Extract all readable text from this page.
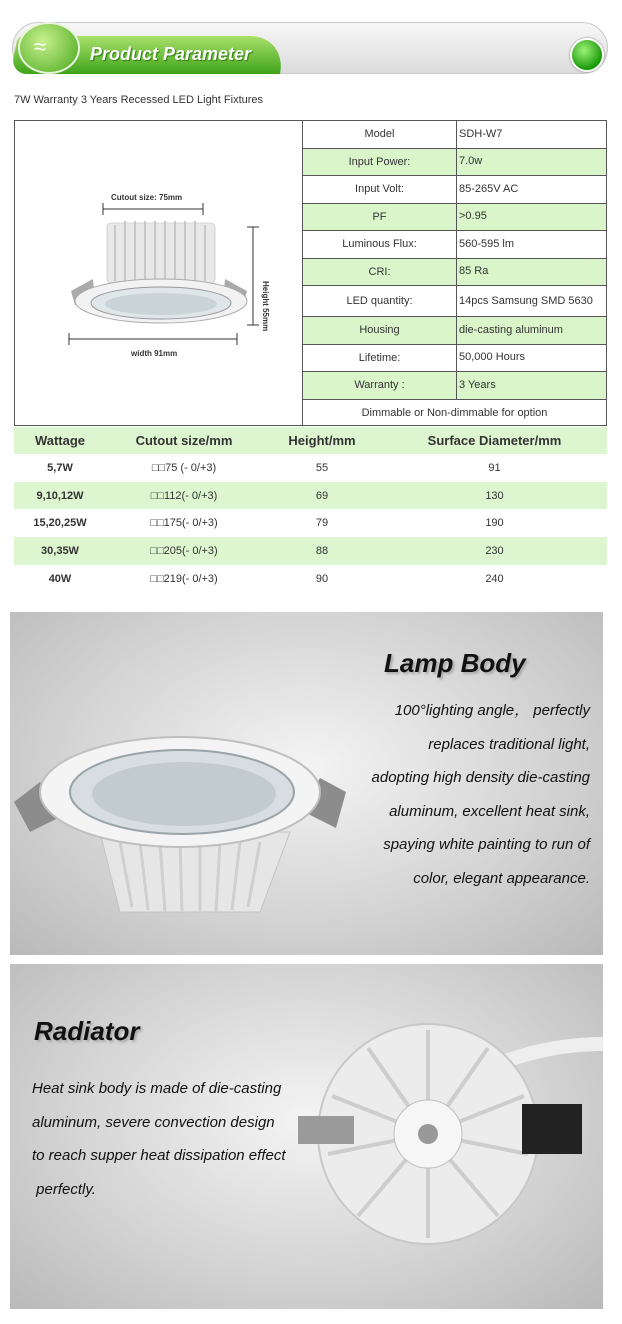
≈ Product Parameter
7W Warranty 3 Years Recessed LED Light Fixtures
Cutout size: 75mm
width 91mm
Height 55mm
Model	SDH-W7
Input Power:	7.0w
Input Volt:	85-265V AC
PF	>0.95
Luminous Flux:	560-595 lm
CRI:	85 Ra
LED quantity:	14pcs Samsung SMD 5630
Housing	die-casting aluminum
Lifetime:	50,000 Hours
Warranty :	3 Years
Dimmable or Non-dimmable for option
Wattage	Cutout size/mm	Height/mm	Surface Diameter/mm
5,7W	□□75 (- 0/+3)	55	91
9,10,12W	□□112(- 0/+3)	69	130
15,20,25W	□□175(- 0/+3)	79	190
30,35W	□□205(- 0/+3)	88	230
40W	□□219(- 0/+3)	90	240
Lamp Body
100°lighting angle， perfectly
replaces traditional light,
adopting high density die-casting
aluminum, excellent heat sink,
spaying white painting to run of
color, elegant appearance.
Radiator
Heat sink body is made of die-casting
aluminum, severe convection design
to reach supper heat dissipation effect
perfectly.
